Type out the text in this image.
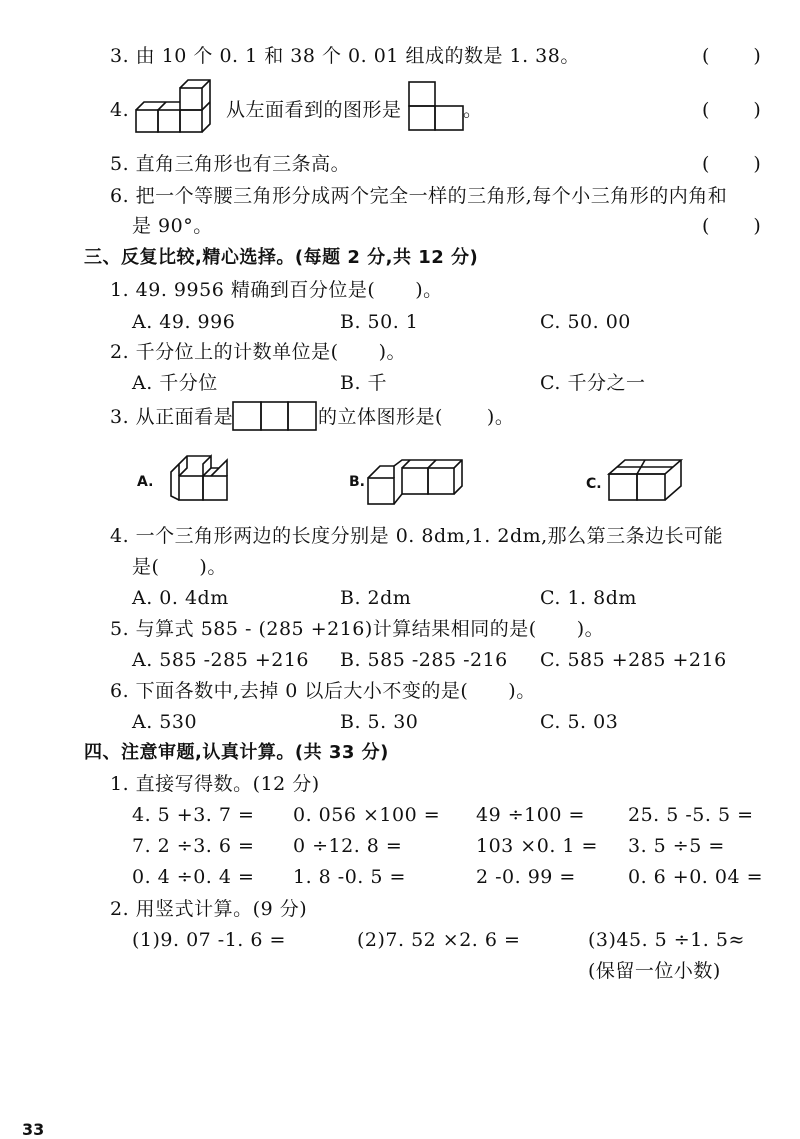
3. 由 10 个 0. 1 和 38 个 0. 01 组成的数是 1. 38。	( )
4.	从左面看到的图形是	。	( )
5. 直角三角形也有三条高。	( )
6. 把一个等腰三角形分成两个完全一样的三角形,每个小三角形的内角和
是 90°。	( )
三、反复比较,精心选择。(每题 2 分,共 12 分)
1. 49. 9956 精确到百分位是( )。
A. 49. 996	B. 50. 1	C. 50. 00
2. 千分位上的计数单位是( )。
A. 千分位	B. 千	C. 千分之一
3. 从正面看是	的立体图形是( )。
A.	B.	C.
4. 一个三角形两边的长度分别是 0. 8dm,1. 2dm,那么第三条边长可能
是( )。
A. 0. 4dm	B. 2dm	C. 1. 8dm
5. 与算式 585 - (285 +216)计算结果相同的是( )。
A. 585 -285 +216 B. 585 -285 -216 C. 585 +285 +216
6. 下面各数中,去掉 0 以后大小不变的是( )。
A. 530	B. 5. 30	C. 5. 03
四、注意审题,认真计算。(共 33 分)
1. 直接写得数。(12 分)
4. 5 +3. 7 = 0. 056 ×100 = 49 ÷100 = 25. 5 -5. 5 =
7. 2 ÷3. 6 = 0 ÷12. 8 =	103 ×0. 1 = 3. 5 ÷5 =
0. 4 ÷0. 4 = 1. 8 -0. 5 =	2 -0. 99 =	0. 6 +0. 04 =
2. 用竖式计算。(9 分)
(1)9. 07 -1. 6 =	(2)7. 52 ×2. 6 =	(3)45. 5 ÷1. 5≈
(保留一位小数)
33
